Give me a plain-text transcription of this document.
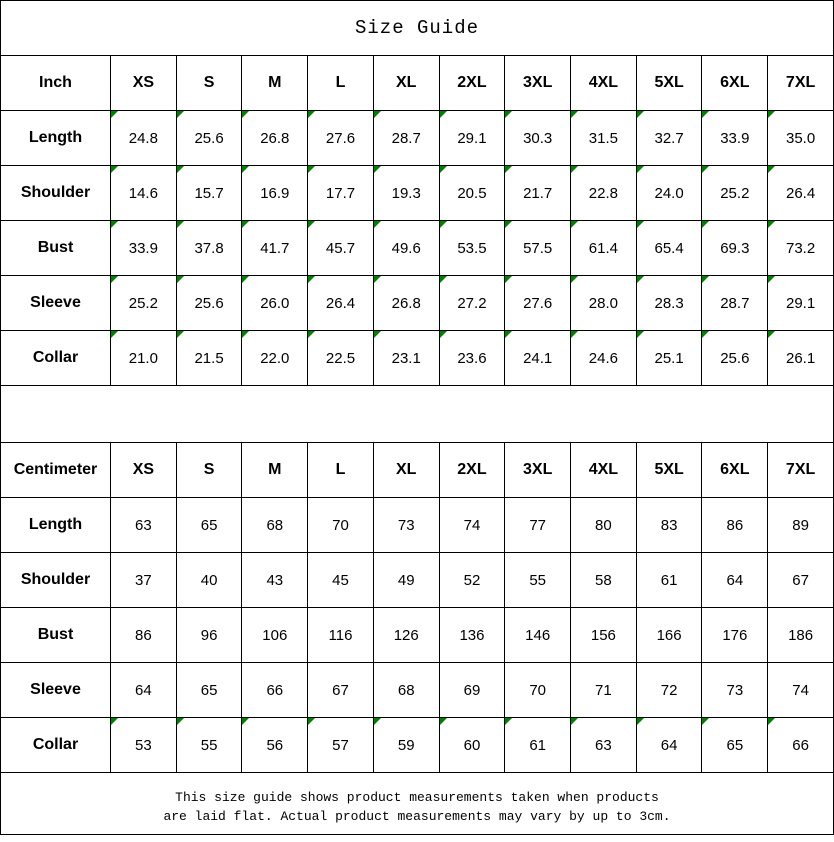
Size Guide											
Inch	XS	S	M	L	XL	2XL	3XL	4XL	5XL	6XL	7XL
Length	24.8	25.6	26.8	27.6	28.7	29.1	30.3	31.5	32.7	33.9	35.0
Shoulder	14.6	15.7	16.9	17.7	19.3	20.5	21.7	22.8	24.0	25.2	26.4
Bust	33.9	37.8	41.7	45.7	49.6	53.5	57.5	61.4	65.4	69.3	73.2
Sleeve	25.2	25.6	26.0	26.4	26.8	27.2	27.6	28.0	28.3	28.7	29.1
Collar	21.0	21.5	22.0	22.5	23.1	23.6	24.1	24.6	25.1	25.6	26.1

Centimeter	XS	S	M	L	XL	2XL	3XL	4XL	5XL	6XL	7XL
Length	63	65	68	70	73	74	77	80	83	86	89
Shoulder	37	40	43	45	49	52	55	58	61	64	67
Bust	86	96	106	116	126	136	146	156	166	176	186
Sleeve	64	65	66	67	68	69	70	71	72	73	74
Collar	53	55	56	57	59	60	61	63	64	65	66

This size guide shows product measurements taken when products
are laid flat. Actual product measurements may vary by up to 3cm.											
